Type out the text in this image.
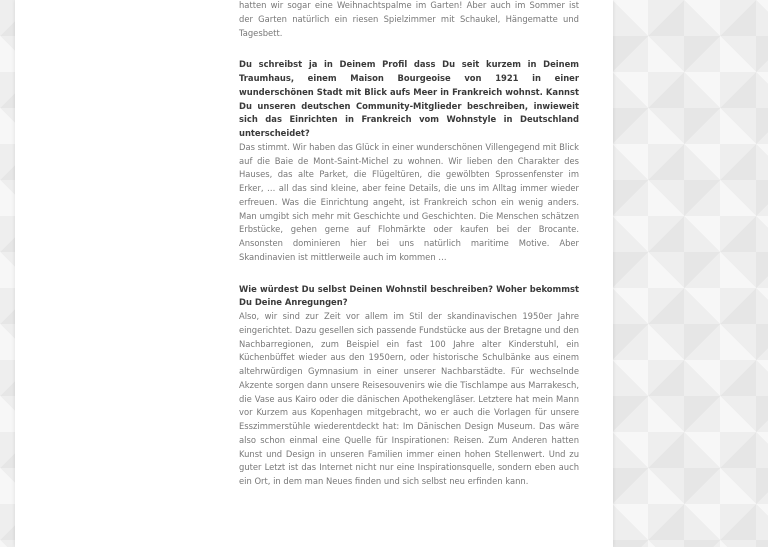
hatten wir sogar eine Weihnachtspalme im Garten! Aber auch im Sommer ist der Garten natürlich ein riesen Spielzimmer mit Schaukel, Hängematte und Tagesbett.

Du schreibst ja in Deinem Profil dass Du seit kurzem in Deinem Traumhaus, einem Maison Bourgeoise von 1921 in einer wunderschönen Stadt mit Blick aufs Meer in Frankreich wohnst. Kannst Du unseren deutschen Community-Mitglieder beschreiben, inwieweit sich das Einrichten in Frankreich vom Wohnstyle in Deutschland unterscheidet?

Das stimmt. Wir haben das Glück in einer wunderschönen Villengegend mit Blick auf die Baie de Mont-Saint-Michel zu wohnen. Wir lieben den Charakter des Hauses, das alte Parket, die Flügeltüren, die gewölbten Sprossenfenster im Erker, … all das sind kleine, aber feine Details, die uns im Alltag immer wieder erfreuen. Was die Einrichtung angeht, ist Frankreich schon ein wenig anders. Man umgibt sich mehr mit Geschichte und Geschichten. Die Menschen schätzen Erbstücke, gehen gerne auf Flohmärkte oder kaufen bei der Brocante. Ansonsten dominieren hier bei uns natürlich maritime Motive. Aber Skandinavien ist mittlerweile auch im kommen …

Wie würdest Du selbst Deinen Wohnstil beschreiben? Woher bekommst Du Deine Anregungen?

Also, wir sind zur Zeit vor allem im Stil der skandinavischen 1950er Jahre eingerichtet. Dazu gesellen sich passende Fundstücke aus der Bretagne und den Nachbarregionen, zum Beispiel ein fast 100 Jahre alter Kinderstuhl, ein Küchenbüffet wieder aus den 1950ern, oder historische Schulbänke aus einem altehrwürdigen Gymnasium in einer unserer Nachbarstädte. Für wechselnde Akzente sorgen dann unsere Reisesouvenirs wie die Tischlampe aus Marrakesch, die Vase aus Kairo oder die dänischen Apothekengläser. Letztere hat mein Mann vor Kurzem aus Kopenhagen mitgebracht, wo er auch die Vorlagen für unsere Esszimmerstühle wiederentdeckt hat: Im Dänischen Design Museum. Das wäre also schon einmal eine Quelle für Inspirationen: Reisen. Zum Anderen hatten Kunst und Design in unseren Familien immer einen hohen Stellenwert. Und zu guter Letzt ist das Internet nicht nur eine Inspirationsquelle, sondern eben auch ein Ort, in dem man Neues finden und sich selbst neu erfinden kann.
